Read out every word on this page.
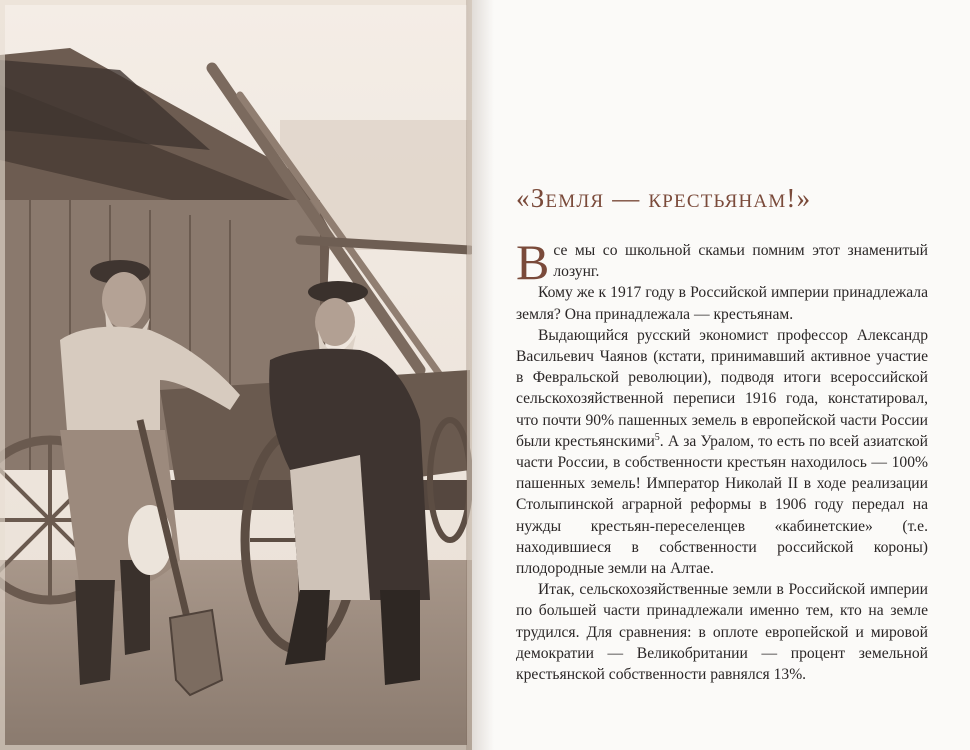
«Земля — крестьянам!»

Все мы со школьной скамьи помним этот знаменитый лозунг.

Кому же к 1917 году в Российской империи принадлежала земля? Она принадлежала — крестьянам.

Выдающийся русский экономист профессор Александр Васильевич Чаянов (кстати, принимавший активное участие в Февральской революции), подводя итоги всероссийской сельскохозяйственной переписи 1916 года, констатировал, что почти 90% пашенных земель в европейской части России были крестьянскими$^5$. А за Уралом, то есть по всей азиатской части России, в собственности крестьян находилось — 100% пашенных земель! Император Николай II в ходе реализации Столыпинской аграрной реформы в 1906 году передал на нужды крестьян-переселенцев «кабинетские» (т.е. находившиеся в собственности российской короны) плодородные земли на Алтае.

Итак, сельскохозяйственные земли в Российской империи по большей части принадлежали именно тем, кто на земле трудился. Для сравнения: в оплоте европейской и мировой демократии — Великобритании — процент земельной крестьянской собственности равнялся 13%.
